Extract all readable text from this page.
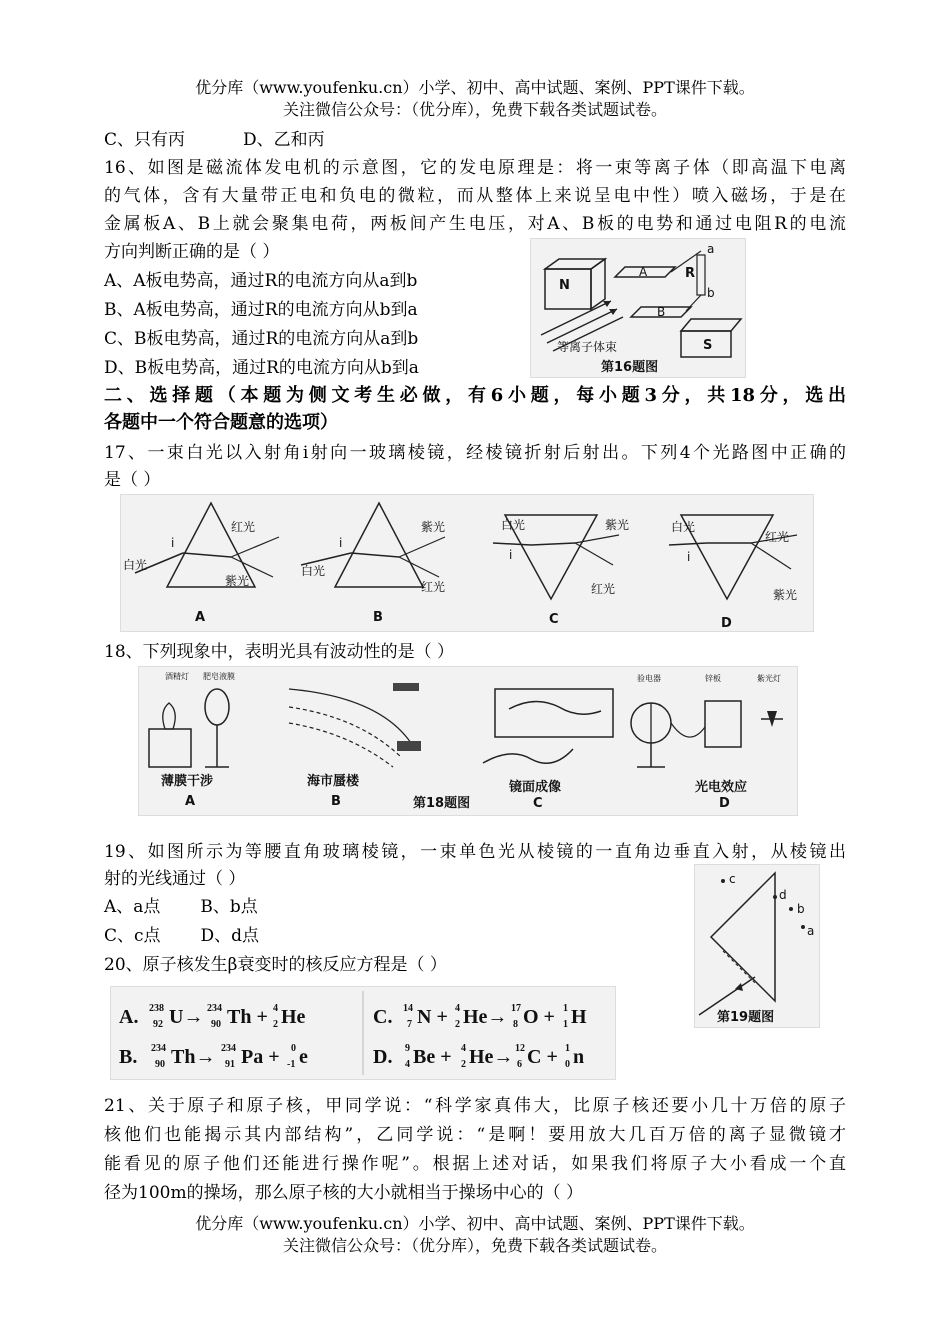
优分库（www.youfenku.cn）小学、初中、高中试题、案例、PPT课件下载。
关注微信公众号：（优分库），免费下载各类试题试卷。
C、只有丙	D、乙和丙
16、如图是磁流体发电机的示意图，它的发电原理是：将一束等离子体（即高温下电离
的气体，含有大量带正电和负电的微粒，而从整体上来说呈电中性）喷入磁场，于是在
金属板A、B上就会聚集电荷，两板间产生电压，对A、B板的电势和通过电阻R的电流
方向判断正确的是（ ）
A、A板电势高，通过R的电流方向从a到b
B、A板电势高，通过R的电流方向从b到a
C、B板电势高，通过R的电流方向从a到b
D、B板电势高，通过R的电流方向从b到a
N
A
B
R
a
b
S
等离子体束
第16题图
二、选择题（本题为侧文考生必做，有6小题，每小题3分，共18分，选出
各题中一个符合题意的选项）
17、一束白光以入射角i射向一玻璃棱镜，经棱镜折射后射出。下列4个光路图中正确的
是（ ）
i
红光
白光
紫光
A
i
紫光
白光
红光
B
白光
i
紫光
红光
C
白光
i
红光
紫光
D
18、下列现象中，表明光具有波动性的是（ ）
酒精灯 肥皂液膜
薄膜干涉
A
海市蜃楼
B
镜面成像
C
验电器	锌板	紫光灯
光电效应
D
第18题图
19、如图所示为等腰直角玻璃棱镜，一束单色光从棱镜的一直角边垂直入射，从棱镜出
射的光线通过（ ）
A、a点 B、b点
C、c点 D、d点
c
d
b
a
第19题图
20、原子核发生β衰变时的核反应方程是（ ）
A. 238
92 U→ 234
90 Th + 4
2 He
B. 234
90 Th→ 234
91 Pa + 0
-1 e
C. 14
7 N + 4
2 He→ 17
8 O + 1
1 H
D. 9
4 Be + 4
2 He→ 12
6 C + 1
0 n
21、关于原子和原子核，甲同学说：“科学家真伟大，比原子核还要小几十万倍的原子
核他们也能揭示其内部结构”，乙同学说：“是啊！要用放大几百万倍的离子显微镜才
能看见的原子他们还能进行操作呢”。根据上述对话，如果我们将原子大小看成一个直
径为100m的操场，那么原子核的大小就相当于操场中心的（ ）
优分库（www.youfenku.cn）小学、初中、高中试题、案例、PPT课件下载。
关注微信公众号：（优分库），免费下载各类试题试卷。
